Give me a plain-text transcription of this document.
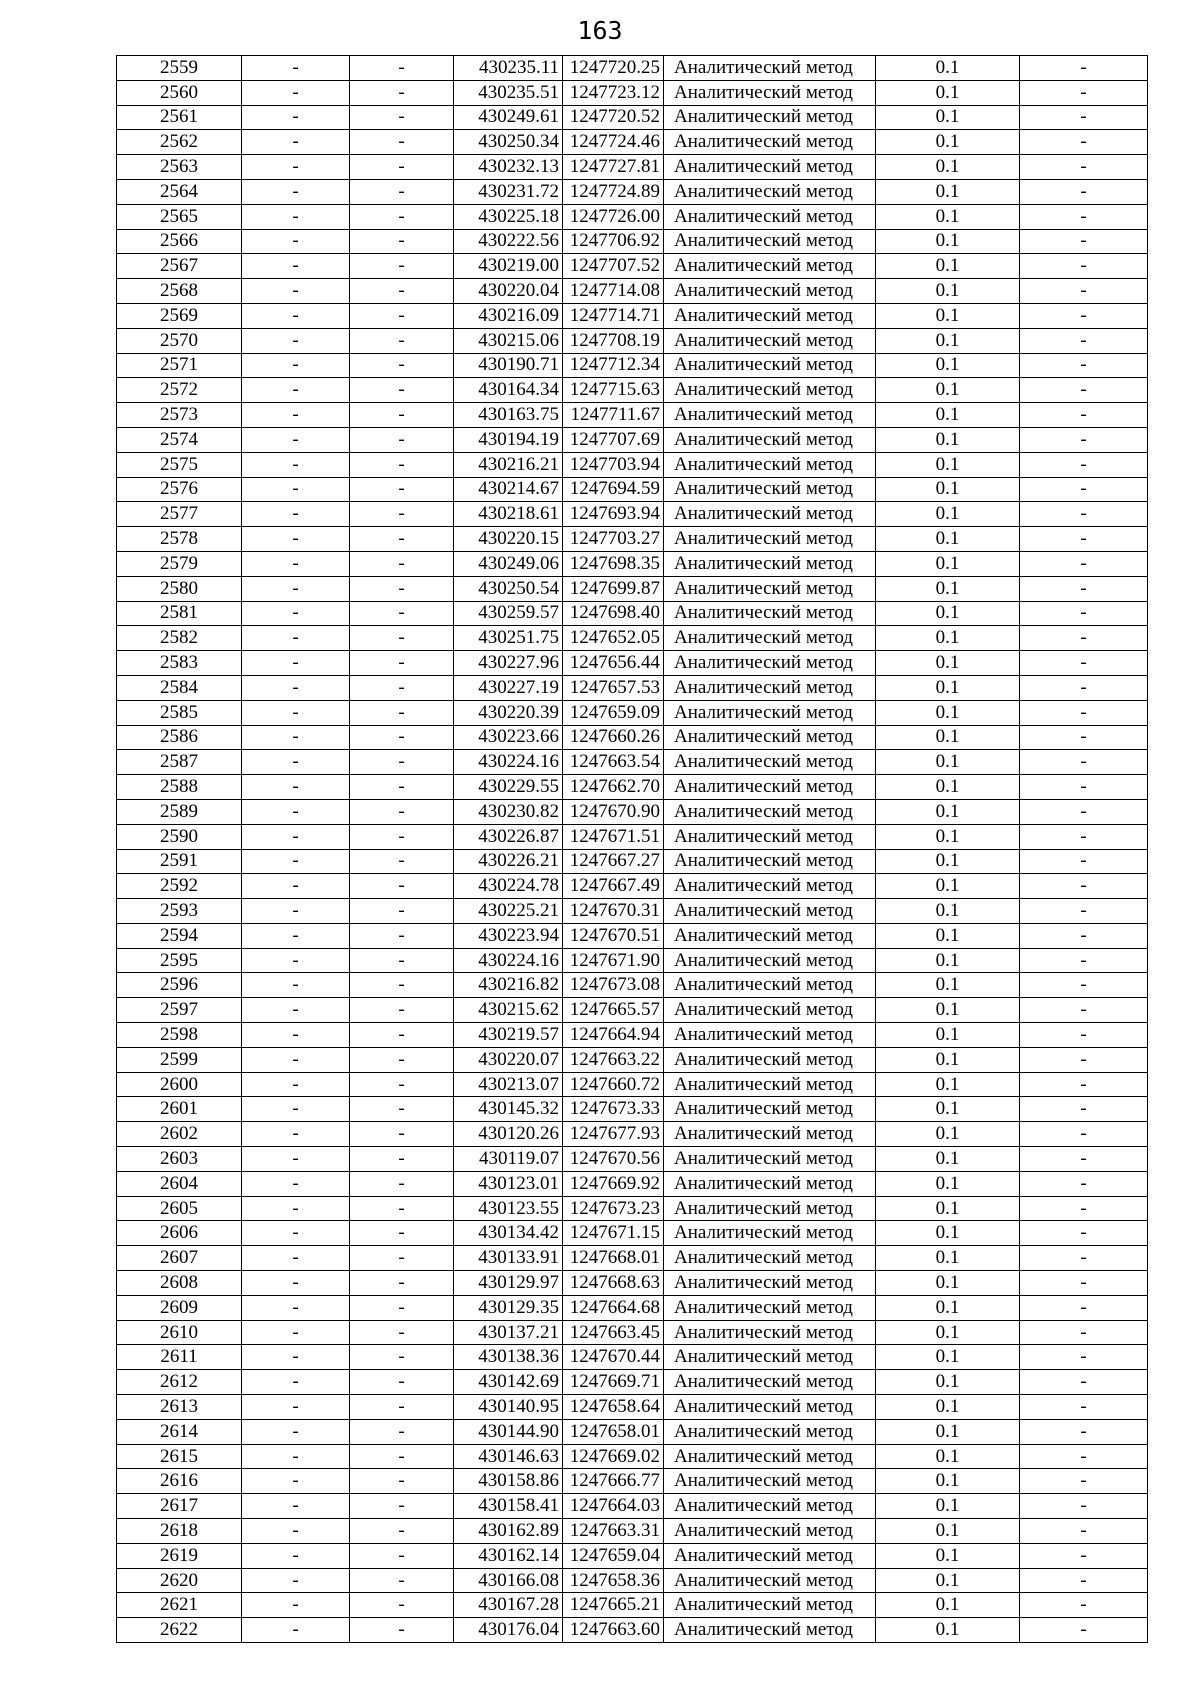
163
2559	-	-	430235.11	1247720.25	Аналитический метод	0.1	-
2560	-	-	430235.51	1247723.12	Аналитический метод	0.1	-
2561	-	-	430249.61	1247720.52	Аналитический метод	0.1	-
2562	-	-	430250.34	1247724.46	Аналитический метод	0.1	-
2563	-	-	430232.13	1247727.81	Аналитический метод	0.1	-
2564	-	-	430231.72	1247724.89	Аналитический метод	0.1	-
2565	-	-	430225.18	1247726.00	Аналитический метод	0.1	-
2566	-	-	430222.56	1247706.92	Аналитический метод	0.1	-
2567	-	-	430219.00	1247707.52	Аналитический метод	0.1	-
2568	-	-	430220.04	1247714.08	Аналитический метод	0.1	-
2569	-	-	430216.09	1247714.71	Аналитический метод	0.1	-
2570	-	-	430215.06	1247708.19	Аналитический метод	0.1	-
2571	-	-	430190.71	1247712.34	Аналитический метод	0.1	-
2572	-	-	430164.34	1247715.63	Аналитический метод	0.1	-
2573	-	-	430163.75	1247711.67	Аналитический метод	0.1	-
2574	-	-	430194.19	1247707.69	Аналитический метод	0.1	-
2575	-	-	430216.21	1247703.94	Аналитический метод	0.1	-
2576	-	-	430214.67	1247694.59	Аналитический метод	0.1	-
2577	-	-	430218.61	1247693.94	Аналитический метод	0.1	-
2578	-	-	430220.15	1247703.27	Аналитический метод	0.1	-
2579	-	-	430249.06	1247698.35	Аналитический метод	0.1	-
2580	-	-	430250.54	1247699.87	Аналитический метод	0.1	-
2581	-	-	430259.57	1247698.40	Аналитический метод	0.1	-
2582	-	-	430251.75	1247652.05	Аналитический метод	0.1	-
2583	-	-	430227.96	1247656.44	Аналитический метод	0.1	-
2584	-	-	430227.19	1247657.53	Аналитический метод	0.1	-
2585	-	-	430220.39	1247659.09	Аналитический метод	0.1	-
2586	-	-	430223.66	1247660.26	Аналитический метод	0.1	-
2587	-	-	430224.16	1247663.54	Аналитический метод	0.1	-
2588	-	-	430229.55	1247662.70	Аналитический метод	0.1	-
2589	-	-	430230.82	1247670.90	Аналитический метод	0.1	-
2590	-	-	430226.87	1247671.51	Аналитический метод	0.1	-
2591	-	-	430226.21	1247667.27	Аналитический метод	0.1	-
2592	-	-	430224.78	1247667.49	Аналитический метод	0.1	-
2593	-	-	430225.21	1247670.31	Аналитический метод	0.1	-
2594	-	-	430223.94	1247670.51	Аналитический метод	0.1	-
2595	-	-	430224.16	1247671.90	Аналитический метод	0.1	-
2596	-	-	430216.82	1247673.08	Аналитический метод	0.1	-
2597	-	-	430215.62	1247665.57	Аналитический метод	0.1	-
2598	-	-	430219.57	1247664.94	Аналитический метод	0.1	-
2599	-	-	430220.07	1247663.22	Аналитический метод	0.1	-
2600	-	-	430213.07	1247660.72	Аналитический метод	0.1	-
2601	-	-	430145.32	1247673.33	Аналитический метод	0.1	-
2602	-	-	430120.26	1247677.93	Аналитический метод	0.1	-
2603	-	-	430119.07	1247670.56	Аналитический метод	0.1	-
2604	-	-	430123.01	1247669.92	Аналитический метод	0.1	-
2605	-	-	430123.55	1247673.23	Аналитический метод	0.1	-
2606	-	-	430134.42	1247671.15	Аналитический метод	0.1	-
2607	-	-	430133.91	1247668.01	Аналитический метод	0.1	-
2608	-	-	430129.97	1247668.63	Аналитический метод	0.1	-
2609	-	-	430129.35	1247664.68	Аналитический метод	0.1	-
2610	-	-	430137.21	1247663.45	Аналитический метод	0.1	-
2611	-	-	430138.36	1247670.44	Аналитический метод	0.1	-
2612	-	-	430142.69	1247669.71	Аналитический метод	0.1	-
2613	-	-	430140.95	1247658.64	Аналитический метод	0.1	-
2614	-	-	430144.90	1247658.01	Аналитический метод	0.1	-
2615	-	-	430146.63	1247669.02	Аналитический метод	0.1	-
2616	-	-	430158.86	1247666.77	Аналитический метод	0.1	-
2617	-	-	430158.41	1247664.03	Аналитический метод	0.1	-
2618	-	-	430162.89	1247663.31	Аналитический метод	0.1	-
2619	-	-	430162.14	1247659.04	Аналитический метод	0.1	-
2620	-	-	430166.08	1247658.36	Аналитический метод	0.1	-
2621	-	-	430167.28	1247665.21	Аналитический метод	0.1	-
2622	-	-	430176.04	1247663.60	Аналитический метод	0.1	-
